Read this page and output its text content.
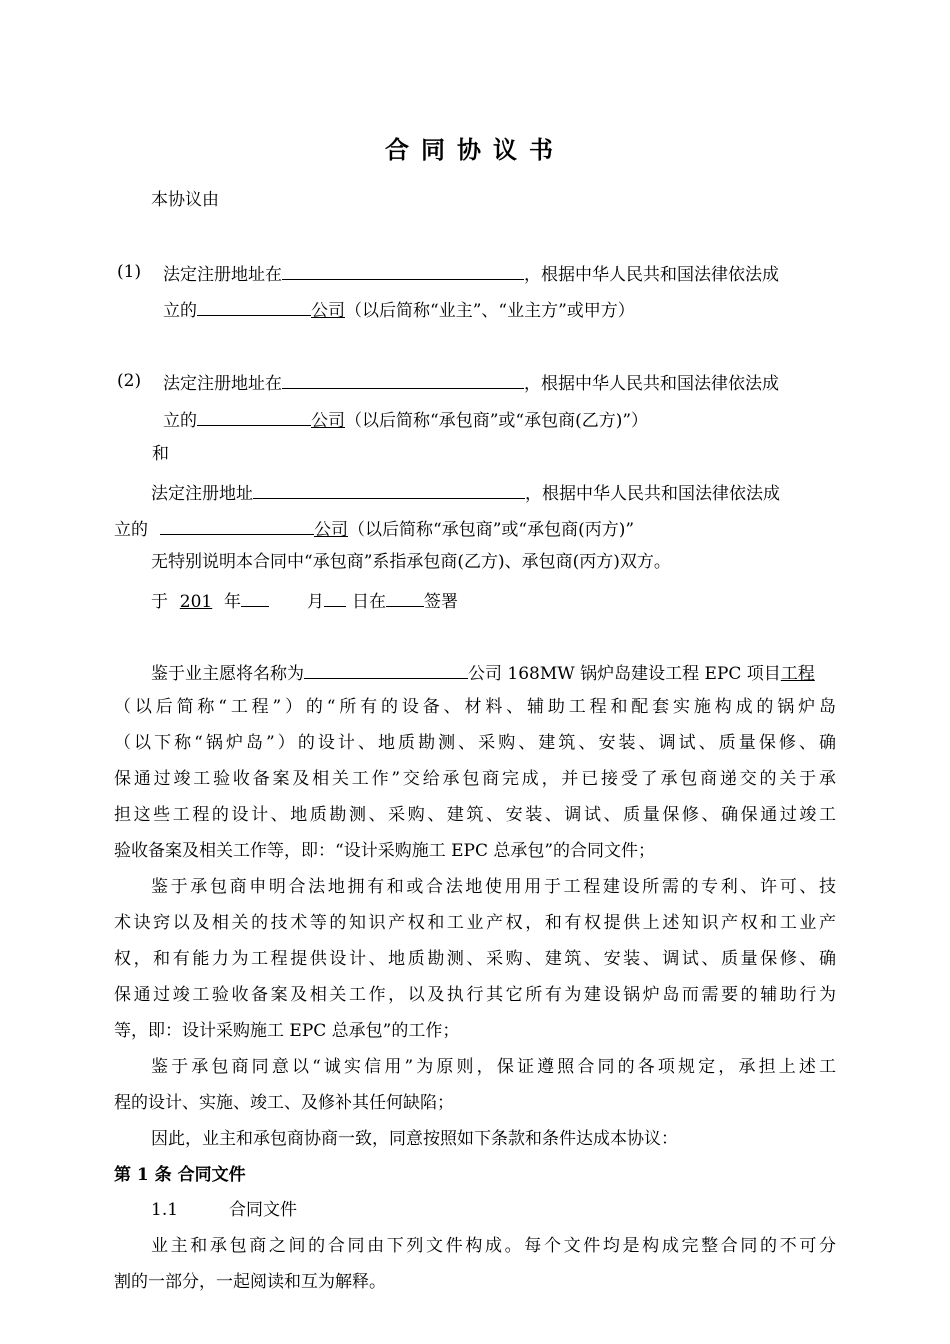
合同协议书
本协议由
(1) 法定注册地址在	，根据中华人民共和国法律依法成
立的	公司（以后简称“业主”、“业主方”或甲方）
(2) 法定注册地址在	，根据中华人民共和国法律依法成
立的	公司（以后简称“承包商”或“承包商(乙方)”）
和
法定注册地址	，根据中华人民共和国法律依法成
立的	公司（以后简称“承包商”或“承包商(丙方)”
无特别说明本合同中“承包商”系指承包商(乙方)、承包商(丙方)双方。
于 201 年	月 日在 签署
鉴于业主愿将名称为	公司 168MW 锅炉岛建设工程 EPC 项目工程
（以后简称“工程”）的“所有的设备、材料、辅助工程和配套实施构成的锅炉岛
（以下称“锅炉岛”）的设计、地质勘测、采购、建筑、安装、调试、质量保修、确
保通过竣工验收备案及相关工作”交给承包商完成，并已接受了承包商递交的关于承
担这些工程的设计、地质勘测、采购、建筑、安装、调试、质量保修、确保通过竣工
验收备案及相关工作等，即：“设计采购施工 EPC 总承包”的合同文件；
鉴于承包商申明合法地拥有和或合法地使用用于工程建设所需的专利、许可、技
术诀窍以及相关的技术等的知识产权和工业产权，和有权提供上述知识产权和工业产
权，和有能力为工程提供设计、地质勘测、采购、建筑、安装、调试、质量保修、确
保通过竣工验收备案及相关工作，以及执行其它所有为建设锅炉岛而需要的辅助行为
等，即：设计采购施工 EPC 总承包”的工作；
鉴于承包商同意以“诚实信用”为原则，保证遵照合同的各项规定，承担上述工
程的设计、实施、竣工、及修补其任何缺陷；
因此，业主和承包商协商一致，同意按照如下条款和条件达成本协议：
第 1 条 合同文件
1.1	合同文件
业主和承包商之间的合同由下列文件构成。每个文件均是构成完整合同的不可分
割的一部分，一起阅读和互为解释。
